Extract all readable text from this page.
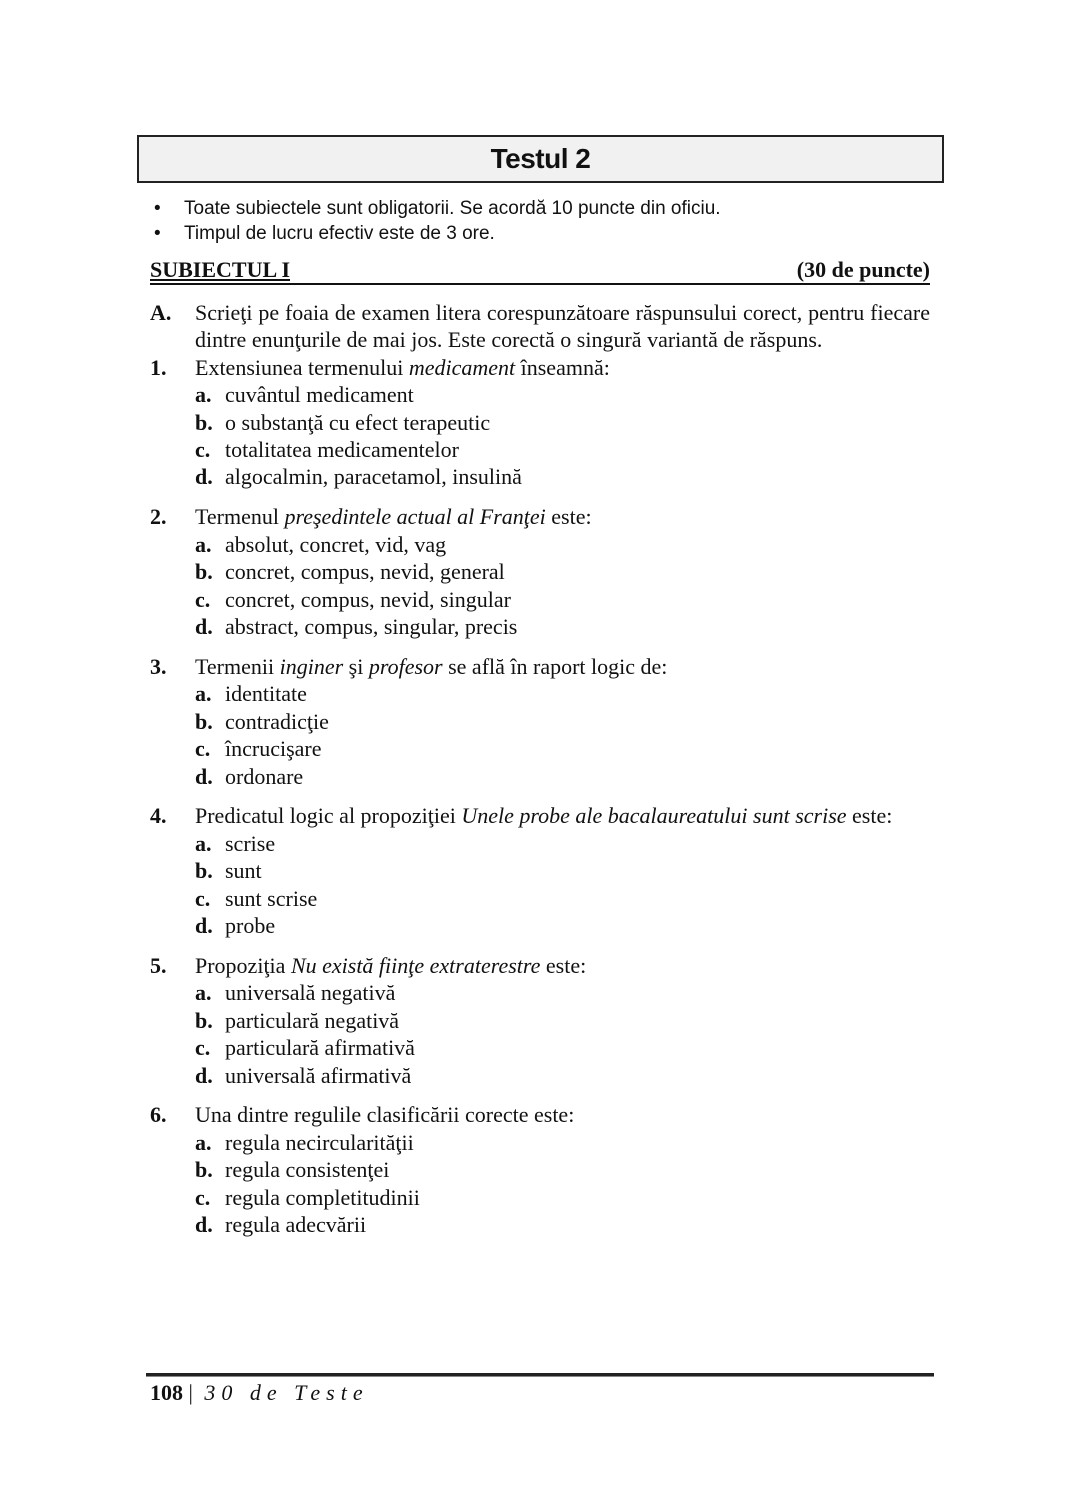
Testul 2
•	Toate subiectele sunt obligatorii. Se acordă 10 puncte din oficiu.
•	Timpul de lucru efectiv este de 3 ore.
SUBIECTUL I	(30 de puncte)
A.	Scrieţi pe foaia de examen litera corespunzătoare răspunsului corect, pentru fiecare dintre enunţurile de mai jos. Este corectă o singură variantă de răspuns.
1.	Extensiunea termenului medicament înseamnă:
a. cuvântul medicament
b. o substanţă cu efect terapeutic
c. totalitatea medicamentelor
d. algocalmin, paracetamol, insulină
2.	Termenul preşedintele actual al Franţei este:
a. absolut, concret, vid, vag
b. concret, compus, nevid, general
c. concret, compus, nevid, singular
d. abstract, compus, singular, precis
3.	Termenii inginer şi profesor se află în raport logic de:
a. identitate
b. contradicţie
c. încrucişare
d. ordonare
4.	Predicatul logic al propoziţiei Unele probe ale bacalaureatului sunt scrise este:
a. scrise
b. sunt
c. sunt scrise
d. probe
5.	Propoziţia Nu există fiinţe extraterestre este:
a. universală negativă
b. particulară negativă
c. particulară afirmativă
d. universală afirmativă
6.	Una dintre regulile clasificării corecte este:
a. regula necircularităţii
b. regula consistenţei
c. regula completitudinii
d. regula adecvării
108 | 30 de Teste
